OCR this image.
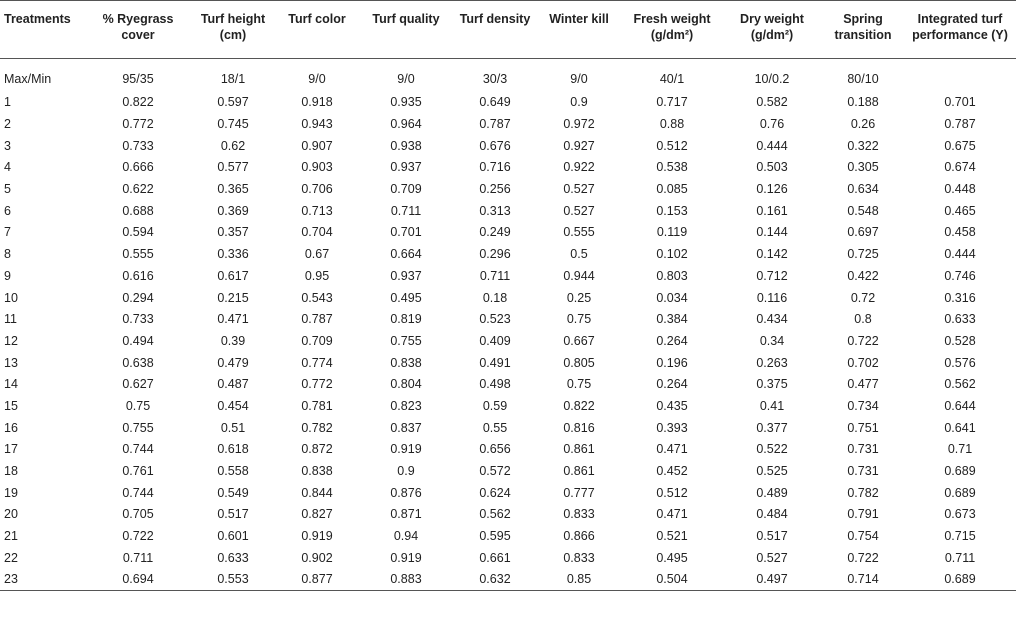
Treatments	% Ryegrass cover	Turf height (cm)	Turf color	Turf quality	Turf density	Winter kill	Fresh weight (g/dm²)	Dry weight (g/dm²)	Spring transition	Integrated turf performance (Y)
Max/Min	95/35	18/1	9/0	9/0	30/3	9/0	40/1	10/0.2	80/10	
1	0.822	0.597	0.918	0.935	0.649	0.9	0.717	0.582	0.188	0.701
2	0.772	0.745	0.943	0.964	0.787	0.972	0.88	0.76	0.26	0.787
3	0.733	0.62	0.907	0.938	0.676	0.927	0.512	0.444	0.322	0.675
4	0.666	0.577	0.903	0.937	0.716	0.922	0.538	0.503	0.305	0.674
5	0.622	0.365	0.706	0.709	0.256	0.527	0.085	0.126	0.634	0.448
6	0.688	0.369	0.713	0.711	0.313	0.527	0.153	0.161	0.548	0.465
7	0.594	0.357	0.704	0.701	0.249	0.555	0.119	0.144	0.697	0.458
8	0.555	0.336	0.67	0.664	0.296	0.5	0.102	0.142	0.725	0.444
9	0.616	0.617	0.95	0.937	0.711	0.944	0.803	0.712	0.422	0.746
10	0.294	0.215	0.543	0.495	0.18	0.25	0.034	0.116	0.72	0.316
11	0.733	0.471	0.787	0.819	0.523	0.75	0.384	0.434	0.8	0.633
12	0.494	0.39	0.709	0.755	0.409	0.667	0.264	0.34	0.722	0.528
13	0.638	0.479	0.774	0.838	0.491	0.805	0.196	0.263	0.702	0.576
14	0.627	0.487	0.772	0.804	0.498	0.75	0.264	0.375	0.477	0.562
15	0.75	0.454	0.781	0.823	0.59	0.822	0.435	0.41	0.734	0.644
16	0.755	0.51	0.782	0.837	0.55	0.816	0.393	0.377	0.751	0.641
17	0.744	0.618	0.872	0.919	0.656	0.861	0.471	0.522	0.731	0.71
18	0.761	0.558	0.838	0.9	0.572	0.861	0.452	0.525	0.731	0.689
19	0.744	0.549	0.844	0.876	0.624	0.777	0.512	0.489	0.782	0.689
20	0.705	0.517	0.827	0.871	0.562	0.833	0.471	0.484	0.791	0.673
21	0.722	0.601	0.919	0.94	0.595	0.866	0.521	0.517	0.754	0.715
22	0.711	0.633	0.902	0.919	0.661	0.833	0.495	0.527	0.722	0.711
23	0.694	0.553	0.877	0.883	0.632	0.85	0.504	0.497	0.714	0.689
